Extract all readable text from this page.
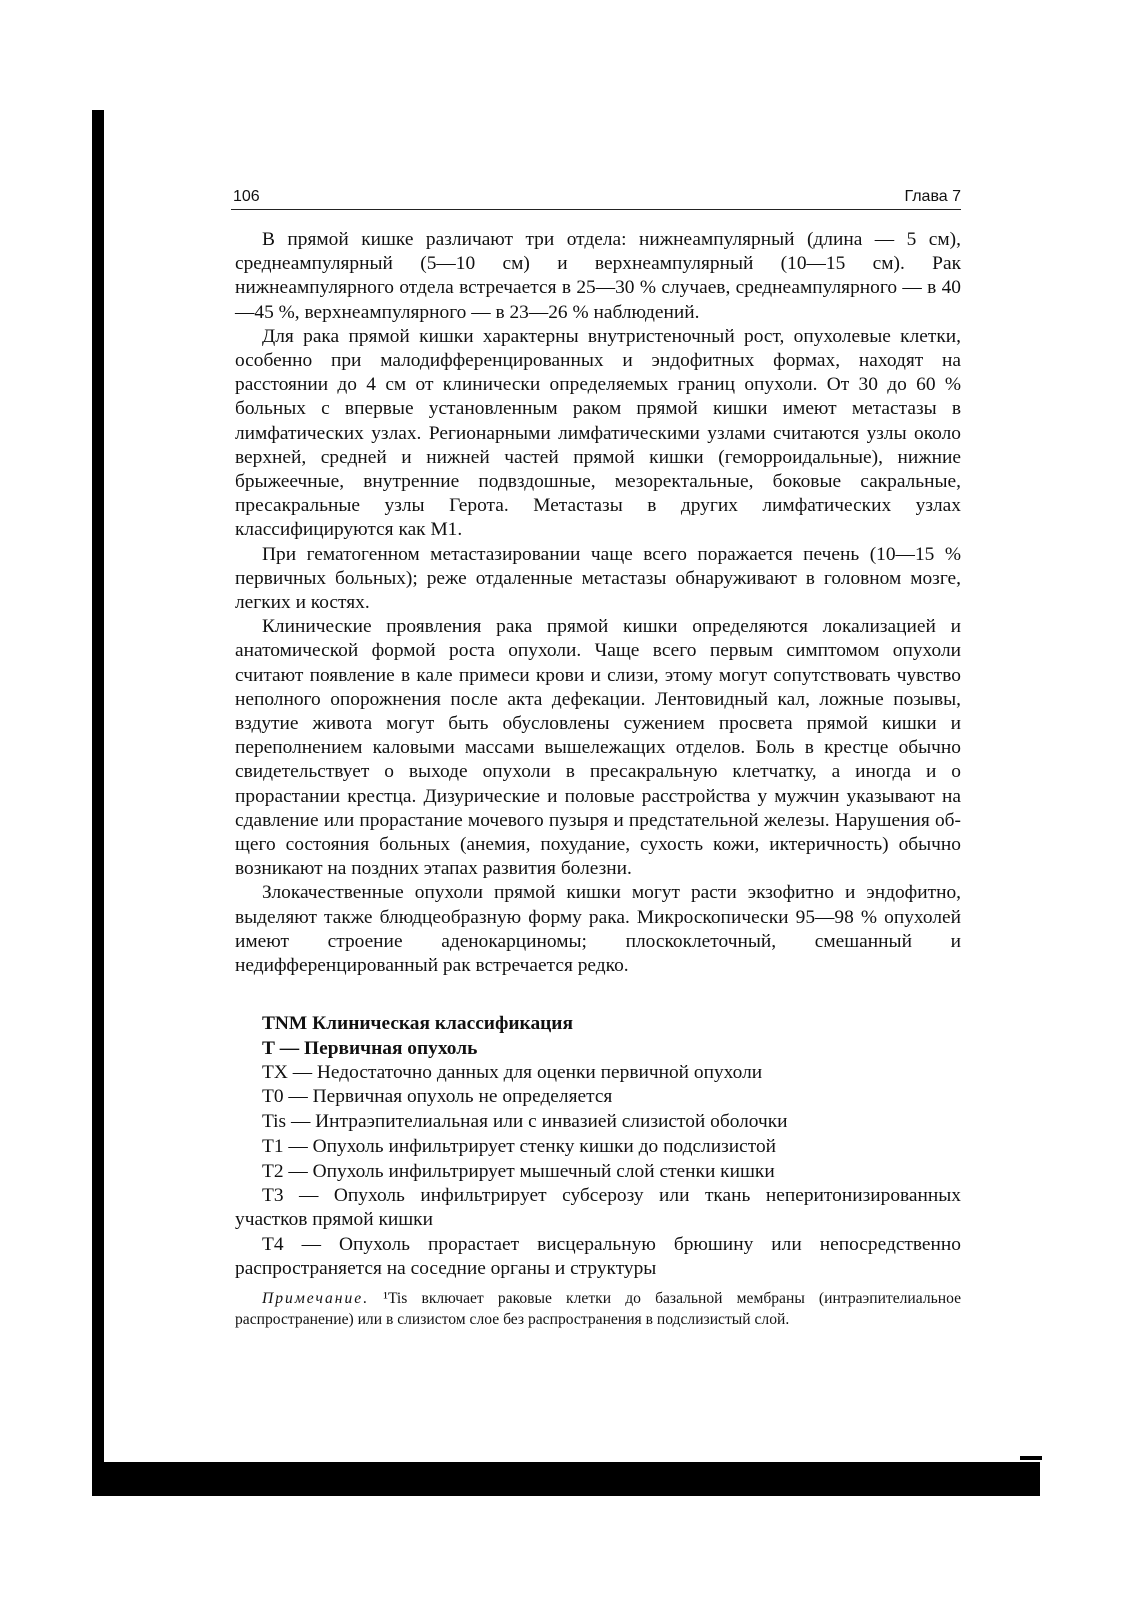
106	Глава 7

В прямой кишке различают три отдела: нижнеампулярный (длина — 5 см), среднеампулярный (5—10 см) и верхнеампулярный (10—15 см). Рак нижнеампулярного отдела встречается в 25—30 % случаев, среднеампулярного — в 40—45 %, верхнеампулярного — в 23—26 % наблюдений.

Для рака прямой кишки характерны внутристеночный рост, опухолевые клетки, особенно при малодифференцированных и эндофитных формах, находят на расстоянии до 4 см от клинически определяемых границ опухоли. От 30 до 60 % больных с впервые установленным раком прямой кишки имеют метастазы в лимфатических узлах. Регионарными лимфатическими узлами считаются узлы около верхней, средней и нижней частей прямой кишки (геморроидальные), нижние брыжеечные, внутренние подвздошные, мезоректальные, боковые сакральные, пресакральные узлы Герота. Метастазы в других лимфатических узлах классифицируются как М1.

При гематогенном метастазировании чаще всего поражается печень (10—15 % первичных больных); реже отдаленные метастазы обнаруживают в головном мозге, легких и костях.

Клинические проявления рака прямой кишки определяются локализацией и анатомической формой роста опухоли. Чаще всего первым симптомом опухоли считают появление в кале примеси крови и слизи, этому могут сопутствовать чувство неполного опорожнения после акта дефекации. Лентовидный кал, ложные позывы, вздутие живота могут быть обусловлены сужением просвета прямой кишки и переполнением каловыми массами вышележащих отделов. Боль в крестце обычно свидетельствует о выходе опухоли в пресакральную клетчатку, а иногда и о прорастании крестца. Дизурические и половые расстройства у мужчин указывают на сдавление или прорастание мочевого пузыря и предстательной железы. Нарушения общего состояния больных (анемия, похудание, сухость кожи, иктеричность) обычно возникают на поздних этапах развития болезни.

Злокачественные опухоли прямой кишки могут расти экзофитно и эндофитно, выделяют также блюдцеобразную форму рака. Микроскопически 95—98 % опухолей имеют строение аденокарциномы; плоскоклеточный, смешанный и недифференцированный рак встречается редко.

TNM Клиническая классификация

Т — Первичная опухоль

ТХ — Недостаточно данных для оценки первичной опухоли

Т0 — Первичная опухоль не определяется

Tis — Интраэпителиальная или с инвазией слизистой оболочки

Т1 — Опухоль инфильтрирует стенку кишки до подслизистой

Т2 — Опухоль инфильтрирует мышечный слой стенки кишки

Т3 — Опухоль инфильтрирует субсерозу или ткань неперитонизированных участков прямой кишки

Т4 — Опухоль прорастает висцеральную брюшину или непосредственно распространяется на соседние органы и структуры

Примечание. ¹Tis включает раковые клетки до базальной мембраны (интраэпителиальное распространение) или в слизистом слое без распространения в подслизистый слой.
